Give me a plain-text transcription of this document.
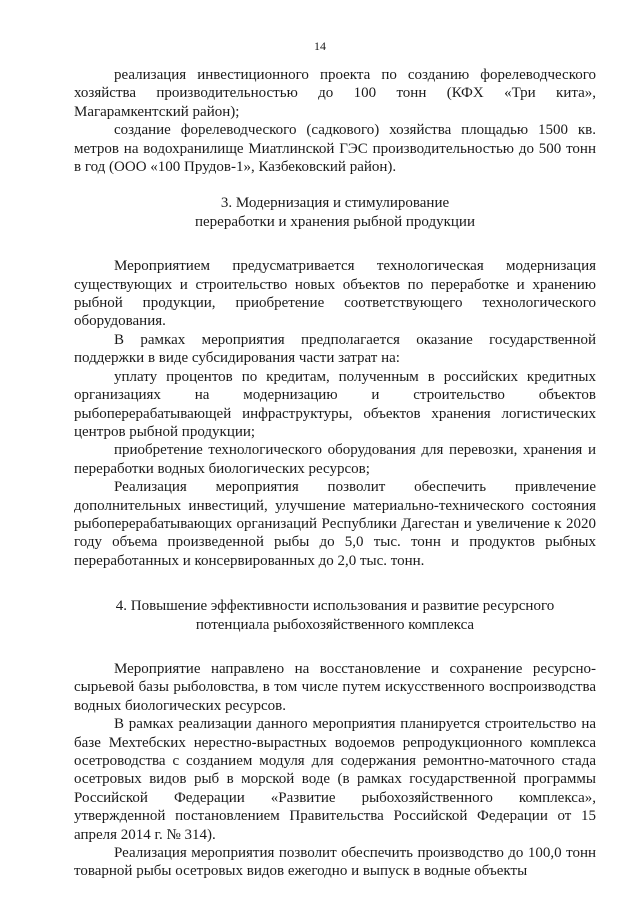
14

реализация инвестиционного проекта по созданию форелеводческого хозяйства производительностью до 100 тонн (КФХ «Три кита», Магарамкентский район);

создание форелеводческого (садкового) хозяйства площадью 1500 кв. метров на водохранилище Миатлинской ГЭС производительностью до 500 тонн в год (ООО «100 Прудов-1», Казбековский район).

3. Модернизация и стимулирование

переработки и хранения рыбной продукции

Мероприятием предусматривается технологическая модернизация существующих и строительство новых объектов по переработке и хранению рыбной продукции, приобретение соответствующего технологического оборудования.

В рамках мероприятия предполагается оказание государственной поддержки в виде субсидирования части затрат на:

уплату процентов по кредитам, полученным в российских кредитных организациях на модернизацию и строительство объектов рыбоперерабатывающей инфраструктуры, объектов хранения логистических центров рыбной продукции;

приобретение технологического оборудования для перевозки, хранения и переработки водных биологических ресурсов;

Реализация мероприятия позволит обеспечить привлечение дополнительных инвестиций, улучшение материально-технического состояния рыбоперерабатывающих организаций Республики Дагестан и увеличение к 2020 году объема произведенной рыбы до 5,0 тыс. тонн и продуктов рыбных переработанных и консервированных до 2,0 тыс. тонн.

4. Повышение эффективности использования и развитие ресурсного

потенциала рыбохозяйственного комплекса

Мероприятие направлено на восстановление и сохранение ресурсно-сырьевой базы рыболовства, в том числе путем искусственного воспроизводства водных биологических ресурсов.

В рамках реализации данного мероприятия планируется строительство на базе Мехтебских нерестно-вырастных водоемов репродукционного комплекса осетроводства с созданием модуля для содержания ремонтно-маточного стада осетровых видов рыб в морской воде (в рамках государственной программы Российской Федерации «Развитие рыбохозяйственного комплекса», утвержденной постановлением Правительства Российской Федерации от 15 апреля 2014 г. № 314).

Реализация мероприятия позволит обеспечить производство до 100,0 тонн товарной рыбы осетровых видов ежегодно и выпуск в водные объекты
